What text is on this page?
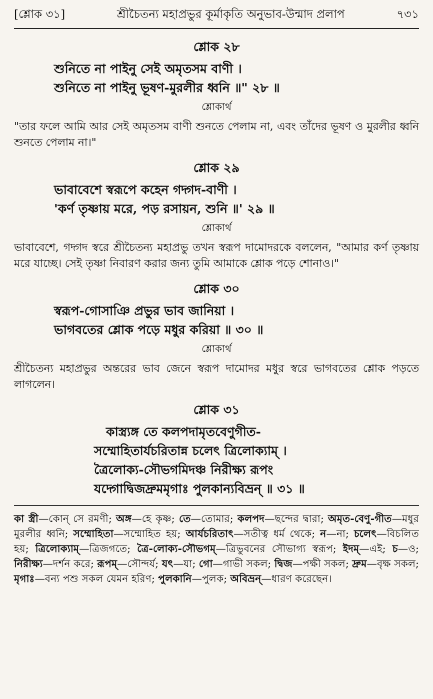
[শ্লোক ৩১]	শ্রীচৈতন্য মহাপ্রভুর কূর্মাকৃতি অনুভাব-উন্মাদ প্রলাপ	৭৩১
শ্লোক ২৮
শুনিতে না পাইনু সেই অমৃতসম বাণী ।
শুনিতে না পাইনু ভূষণ-মুরলীর ধ্বনি ॥" ২৮ ॥
শ্লোকার্থ

"তার ফলে আমি আর সেই অমৃতসম বাণী শুনতে পেলাম না, এবং তাঁদের ভূষণ ও মুরলীর ধ্বনি শুনতে পেলাম না।"

শ্লোক ২৯
ভাবাবেশে স্বরূপে কহেন গদ্গদ-বাণী ।
'কর্ণ তৃষ্ণায় মরে, পড় রসায়ন, শুনি ॥' ২৯ ॥
শ্লোকার্থ

ভাবাবেশে, গদ্গদ স্বরে শ্রীচৈতন্য মহাপ্রভু তখন স্বরূপ দামোদরকে বললেন, "আমার কর্ণ তৃষ্ণায় মরে যাচ্ছে। সেই তৃষ্ণা নিবারণ করার জন্য তুমি আমাকে শ্লোক পড়ে শোনাও।"

শ্লোক ৩০
স্বরূপ-গোসাঞি প্রভুর ভাব জানিয়া ।
ভাগবতের শ্লোক পড়ে মধুর করিয়া ॥ ৩০ ॥
শ্লোকার্থ

শ্রীচৈতন্য মহাপ্রভুর অন্তরের ভাব জেনে স্বরূপ দামোদর মধুর স্বরে ভাগবতের শ্লোক পড়তে লাগলেন।

শ্লোক ৩১
কাস্ত্র্যঙ্গ তে কলপদামৃতবেণুগীত-
সম্মোহিতার্যচরিতান্ন চলেৎ ত্রিলোক্যাম্ ।
ত্রৈলোক্য-সৌভগমিদঞ্চ নিরীক্ষ্য রূপং
যদ্গোদ্বিজদ্রুমমৃগাঃ পুলকান্যবিভ্রন্ ॥ ৩১ ॥

কা স্ত্রী—কোন্ সে রমণী; অঙ্গ—হে কৃষ্ণ; তে—তোমার; কলপদ—ছন্দের দ্বারা; অমৃত-বেণু-গীত—মধুর মুরলীর ধ্বনি; সম্মোহিতা—সম্মোহিত হয়; আর্যচরিতাৎ—সতীত্ব ধর্ম থেকে; ন—না; চলেৎ—বিচলিত হয়; ত্রিলোক্যাম্—ত্রিজগতে; ত্রৈ-লোক্য-সৌভগম্—ত্রিভুবনের সৌভাগ্য স্বরূপ; ইদম্—এই; চ—ও; নিরীক্ষ্য—দর্শন করে; রূপম্—সৌন্দর্য; যৎ—যা; গো—গাভী সকল; দ্বিজ—পক্ষী সকল; দ্রুম—বৃক্ষ সকল; মৃগাঃ—বন্য পশু সকল যেমন হরিণ; পুলকানি—পুলক; অবিভ্রন্—ধারণ করেছেন।
